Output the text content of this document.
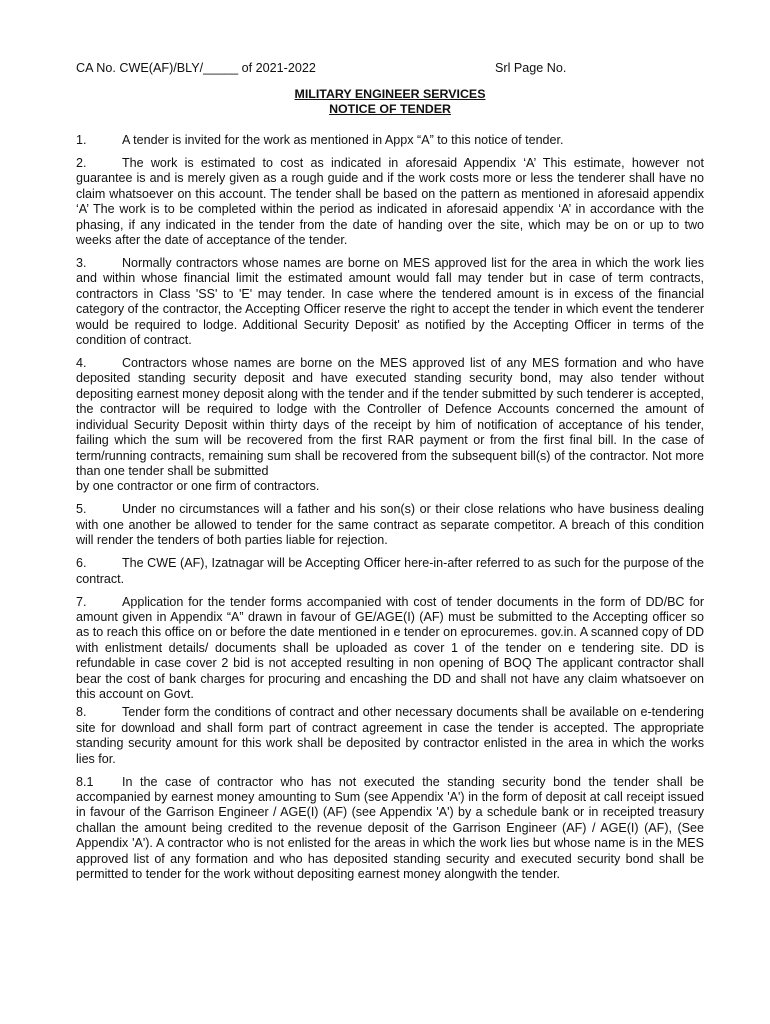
CA No. CWE(AF)/BLY/_____ of 2021-2022	Srl Page No.
MILITARY ENGINEER SERVICES
NOTICE OF TENDER

1.	A tender is invited for the work as mentioned in Appx “A” to this notice of tender.

2.	The work is estimated to cost as indicated in aforesaid Appendix ‘A’ This estimate, however not guarantee is and is merely given as a rough guide and if the work costs more or less the tenderer shall have no claim whatsoever on this account. The tender shall be based on the pattern as mentioned in aforesaid appendix ‘A’ The work is to be completed within the period as indicated in aforesaid appendix ‘A’ in accordance with the phasing, if any indicated in the tender from the date of handing over the site, which may be on or up to two weeks after the date of acceptance of the tender.

3.	Normally contractors whose names are borne on MES approved list for the area in which the work lies and within whose financial limit the estimated amount would fall may tender but in case of term contracts, contractors in Class 'SS' to 'E' may tender. In case where the tendered amount is in excess of the financial category of the contractor, the Accepting Officer reserve the right to accept the tender in which event the tenderer would be required to lodge. Additional Security Deposit' as notified by the Accepting Officer in terms of the condition of contract.

4.	Contractors whose names are borne on the MES approved list of any MES formation and who have deposited standing security deposit and have executed standing security bond, may also tender without depositing earnest money deposit along with the tender and if the tender submitted by such tenderer is accepted, the contractor will be required to lodge with the Controller of Defence Accounts concerned the amount of individual Security Deposit within thirty days of the receipt by him of notification of acceptance of his tender, failing which the sum will be recovered from the first RAR payment or from the first final bill. In the case of term/running contracts, remaining sum shall be recovered from the subsequent bill(s) of the contractor. Not more than one tender shall be submitted
by one contractor or one firm of contractors.

5.	Under no circumstances will a father and his son(s) or their close relations who have business dealing with one another be allowed to tender for the same contract as separate competitor. A breach of this condition will render the tenders of both parties liable for rejection.

6.	The CWE (AF), Izatnagar will be Accepting Officer here-in-after referred to as such for the purpose of the contract.

7.	Application for the tender forms accompanied with cost of tender documents in the form of DD/BC for amount given in Appendix “A” drawn in favour of GE/AGE(I) (AF) must be submitted to the Accepting officer so as to reach this office on or before the date mentioned in e tender on eprocuremes. gov.in. A scanned copy of DD with enlistment details/ documents shall be uploaded as cover 1 of the tender on e tendering site. DD is refundable in case cover 2 bid is not accepted resulting in non opening of BOQ The applicant contractor shall bear the cost of bank charges for procuring and encashing the DD and shall not have any claim whatsoever on this account on Govt.

8.	Tender form the conditions of contract and other necessary documents shall be available on e-tendering site for download and shall form part of contract agreement in case the tender is accepted. The appropriate standing security amount for this work shall be deposited by contractor enlisted in the area in which the works lies for.

8.1 In the case of contractor who has not executed the standing security bond the tender shall be accompanied by earnest money amounting to Sum (see Appendix 'A') in the form of deposit at call receipt issued in favour of the Garrison Engineer / AGE(I) (AF) (see Appendix 'A') by a schedule bank or in receipted treasury challan the amount being credited to the revenue deposit of the Garrison Engineer (AF) / AGE(I) (AF), (See Appendix 'A'). A contractor who is not enlisted for the areas in which the work lies but whose name is in the MES approved list of any formation and who has deposited standing security and executed security bond shall be permitted to tender for the work without depositing earnest money alongwith the tender.
